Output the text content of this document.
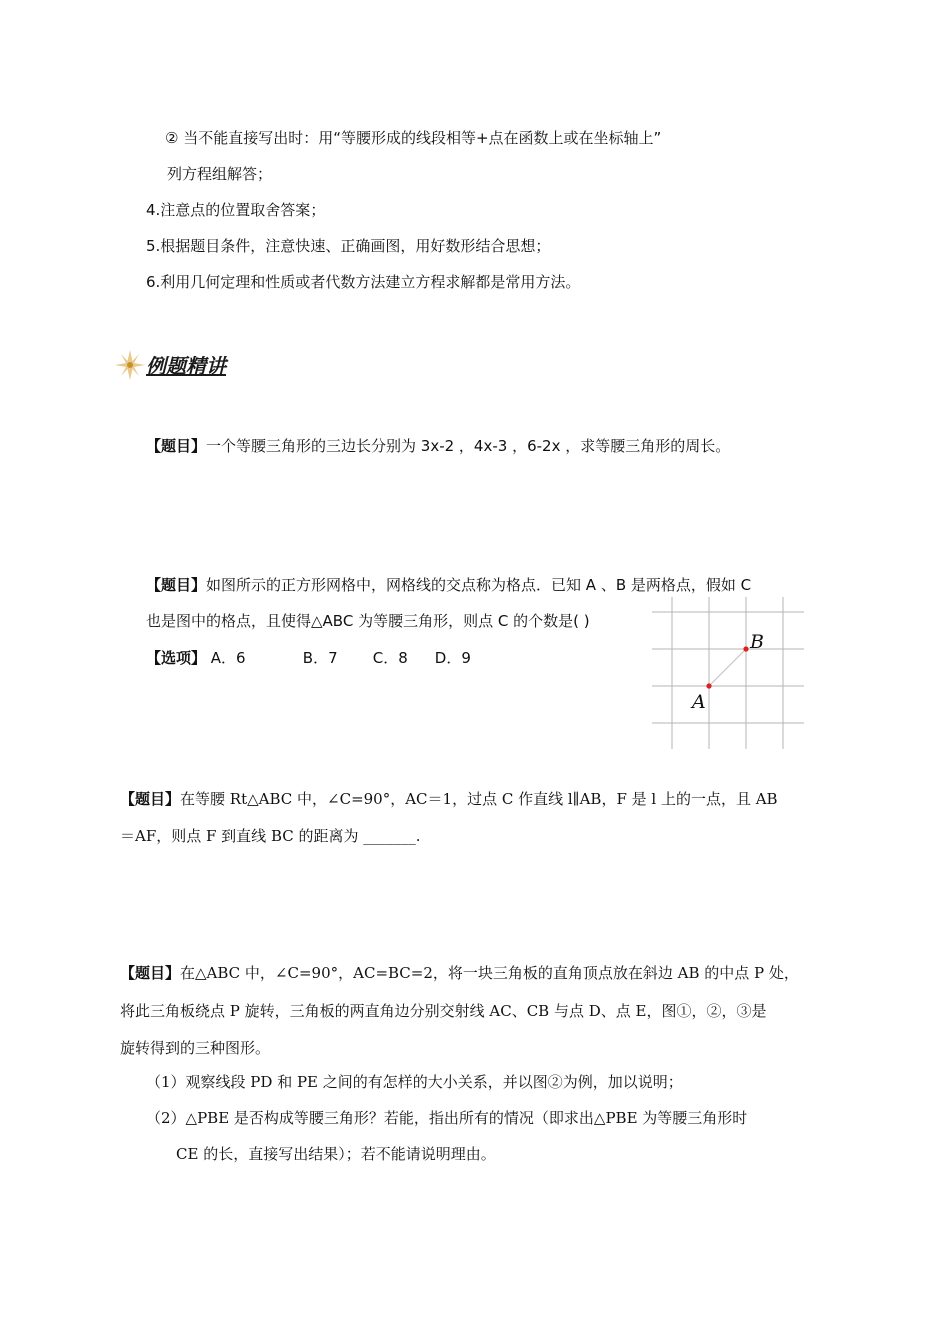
② 当不能直接写出时：用“等腰形成的线段相等+点在函数上或在坐标轴上”
列方程组解答；
4.注意点的位置取舍答案；
5.根据题目条件，注意快速、正确画图，用好数形结合思想；
6.利用几何定理和性质或者代数方法建立方程求解都是常用方法。
例题精讲
【题目】一个等腰三角形的三边长分别为 3x-2 ，4x-3 ，6-2x ，求等腰三角形的周长。
【题目】如图所示的正方形网格中，网格线的交点称为格点．已知 A 、B 是两格点，假如 C
也是图中的格点，且使得△ABC 为等腰三角形，则点 C 的个数是( )
【选项】 A．6	B．7 C．8 D．9
B
A
【题目】在等腰 Rt△ABC 中，∠C=90°，AC＝1，过点 C 作直线 l∥AB，F 是 l 上的一点，且 AB
＝AF，则点 F 到直线 BC 的距离为 _______.
【题目】在△ABC 中，∠C=90°，AC=BC=2，将一块三角板的直角顶点放在斜边 AB 的中点 P 处，
将此三角板绕点 P 旋转，三角板的两直角边分别交射线 AC、CB 与点 D、点 E，图①，②，③是
旋转得到的三种图形。
（1）观察线段 PD 和 PE 之间的有怎样的大小关系，并以图②为例，加以说明；
（2）△PBE 是否构成等腰三角形？若能，指出所有的情况（即求出△PBE 为等腰三角形时
CE 的长，直接写出结果）；若不能请说明理由。
